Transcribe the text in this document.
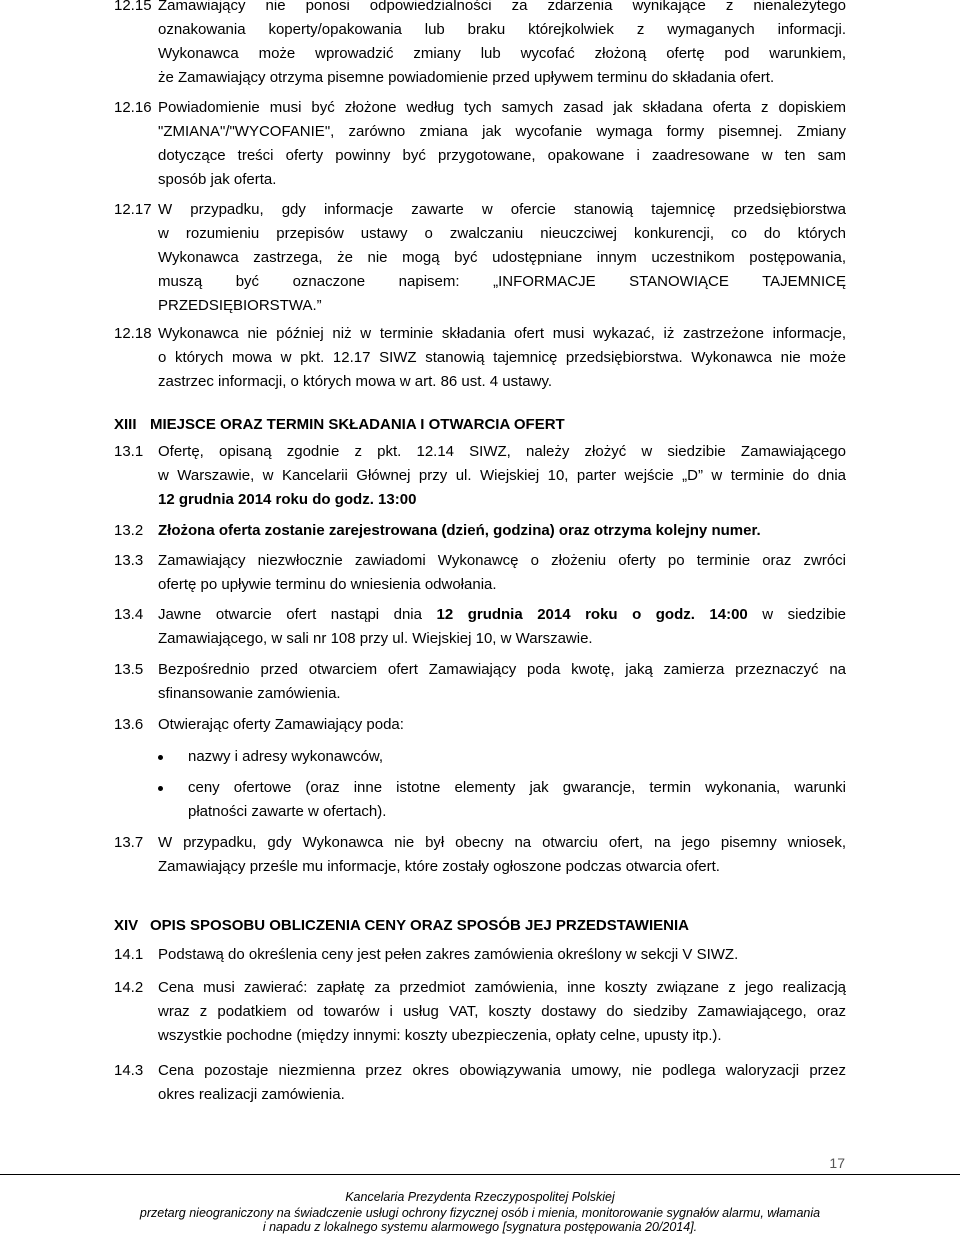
12.15 Zamawiający nie ponosi odpowiedzialności za zdarzenia wynikające z nienależytego
oznakowania koperty/opakowania lub braku którejkolwiek z wymaganych informacji.
Wykonawca może wprowadzić zmiany lub wycofać złożoną ofertę pod warunkiem,
że Zamawiający otrzyma pisemne powiadomienie przed upływem terminu do składania ofert.
12.16 Powiadomienie musi być złożone według tych samych zasad jak składana oferta z dopiskiem
"ZMIANA"/"WYCOFANIE", zarówno zmiana jak wycofanie wymaga formy pisemnej. Zmiany
dotyczące treści oferty powinny być przygotowane, opakowane i zaadresowane w ten sam
sposób jak oferta.
12.17 W przypadku, gdy informacje zawarte w ofercie stanowią tajemnicę przedsiębiorstwa
w rozumieniu przepisów ustawy o zwalczaniu nieuczciwej konkurencji, co do których
Wykonawca zastrzega, że nie mogą być udostępniane innym uczestnikom postępowania,
muszą być oznaczone napisem: „INFORMACJE STANOWIĄCE TAJEMNICĘ
PRZEDSIĘBIORSTWA.”
12.18 Wykonawca nie później niż w terminie składania ofert musi wykazać, iż zastrzeżone informacje,
o których mowa w pkt. 12.17 SIWZ stanowią tajemnicę przedsiębiorstwa. Wykonawca nie może
zastrzec informacji, o których mowa w art. 86 ust. 4 ustawy.
XIII MIEJSCE ORAZ TERMIN SKŁADANIA I OTWARCIA OFERT
13.1 Ofertę, opisaną zgodnie z pkt. 12.14 SIWZ, należy złożyć w siedzibie Zamawiającego
w Warszawie, w Kancelarii Głównej przy ul. Wiejskiej 10, parter wejście „D” w terminie do dnia
12 grudnia 2014 roku do godz. 13:00
13.2 Złożona oferta zostanie zarejestrowana (dzień, godzina) oraz otrzyma kolejny numer.
13.3 Zamawiający niezwłocznie zawiadomi Wykonawcę o złożeniu oferty po terminie oraz zwróci
ofertę po upływie terminu do wniesienia odwołania.
13.4 Jawne otwarcie ofert nastąpi dnia 12 grudnia 2014 roku o godz. 14:00 w siedzibie
Zamawiającego, w sali nr 108 przy ul. Wiejskiej 10, w Warszawie.
13.5 Bezpośrednio przed otwarciem ofert Zamawiający poda kwotę, jaką zamierza przeznaczyć na
sfinansowanie zamówienia.
13.6 Otwierając oferty Zamawiający poda:
nazwy i adresy wykonawców,
ceny ofertowe (oraz inne istotne elementy jak gwarancje, termin wykonania, warunki
płatności zawarte w ofertach).
13.7 W przypadku, gdy Wykonawca nie był obecny na otwarciu ofert, na jego pisemny wniosek,
Zamawiający prześle mu informacje, które zostały ogłoszone podczas otwarcia ofert.
XIV OPIS SPOSOBU OBLICZENIA CENY ORAZ SPOSÓB JEJ PRZEDSTAWIENIA
14.1 Podstawą do określenia ceny jest pełen zakres zamówienia określony w sekcji V SIWZ.
14.2 Cena musi zawierać: zapłatę za przedmiot zamówienia, inne koszty związane z jego realizacją
wraz z podatkiem od towarów i usług VAT, koszty dostawy do siedziby Zamawiającego, oraz
wszystkie pochodne (między innymi: koszty ubezpieczenia, opłaty celne, upusty itp.).
14.3 Cena pozostaje niezmienna przez okres obowiązywania umowy, nie podlega waloryzacji przez
okres realizacji zamówienia.
17
Kancelaria Prezydenta Rzeczypospolitej Polskiej
przetarg nieograniczony na świadczenie usługi ochrony fizycznej osób i mienia, monitorowanie sygnałów alarmu, włamania
i napadu z lokalnego systemu alarmowego [sygnatura postępowania 20/2014].
